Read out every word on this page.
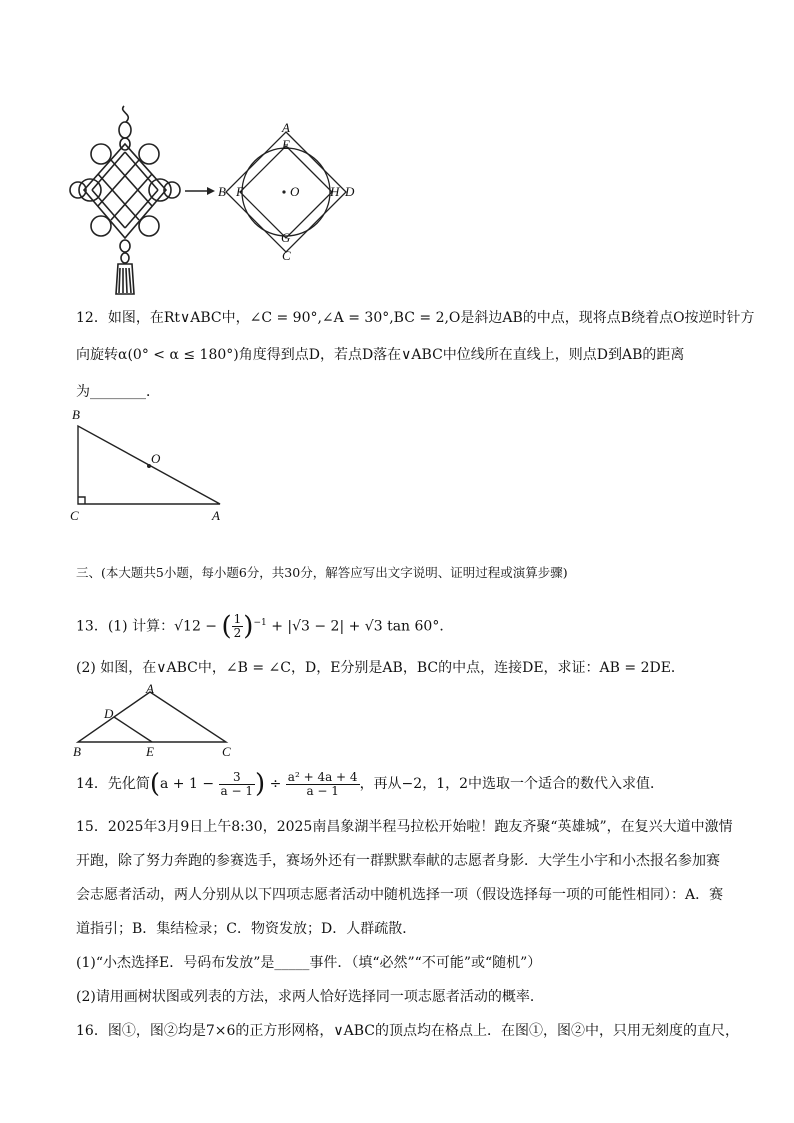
A
E
B F	O H D
G
C
12．如图，在Rt∨ABC中，∠C = 90°,∠A = 30°,BC = 2,O是斜边AB的中点，现将点B绕着点O按逆时针方
向旋转α(0° < α ≤ 180°)角度得到点D，若点D落在∨ABC中位线所在直线上，则点D到AB的距离
为________．
B
O
C	A
三、(本大题共5小题，每小题6分，共30分，解答应写出文字说明、证明过程或演算步骤)
13．(1) 计算：√12 − ( $\frac{1}{2} )^{-1} + |√3 - 2| + √3$ tan 60°．
(2) 如图，在∨ABC中，∠B = ∠C，D，E分别是AB，BC的中点，连接DE，求证：AB = 2DE．
A
D
B	E	C
14．先化简($a + 1 - \frac{3}{a - 1}$ ) ÷ $\frac{\text{a² + 4a + 4}}{a - 1}$ ，再从−2，1，2中选取一个适合的数代入求值．
15．2025年3月9日上午8:30，2025南昌象湖半程马拉松开始啦！跑友齐聚“英雄城”，在复兴大道中激情
开跑，除了努力奔跑的参赛选手，赛场外还有一群默默奉献的志愿者身影．大学生小宇和小杰报名参加赛
会志愿者活动，两人分别从以下四项志愿者活动中随机选择一项（假设选择每一项的可能性相同）：A．赛
道指引；B．集结检录；C．物资发放；D．人群疏散．
(1)“小杰选择E．号码布发放”是_____事件．（填“必然”“不可能”或“随机”）
(2)请用画树状图或列表的方法，求两人恰好选择同一项志愿者活动的概率．
16．图①，图②均是7×6的正方形网格，∨ABC的顶点均在格点上．在图①，图②中，只用无刻度的直尺，
